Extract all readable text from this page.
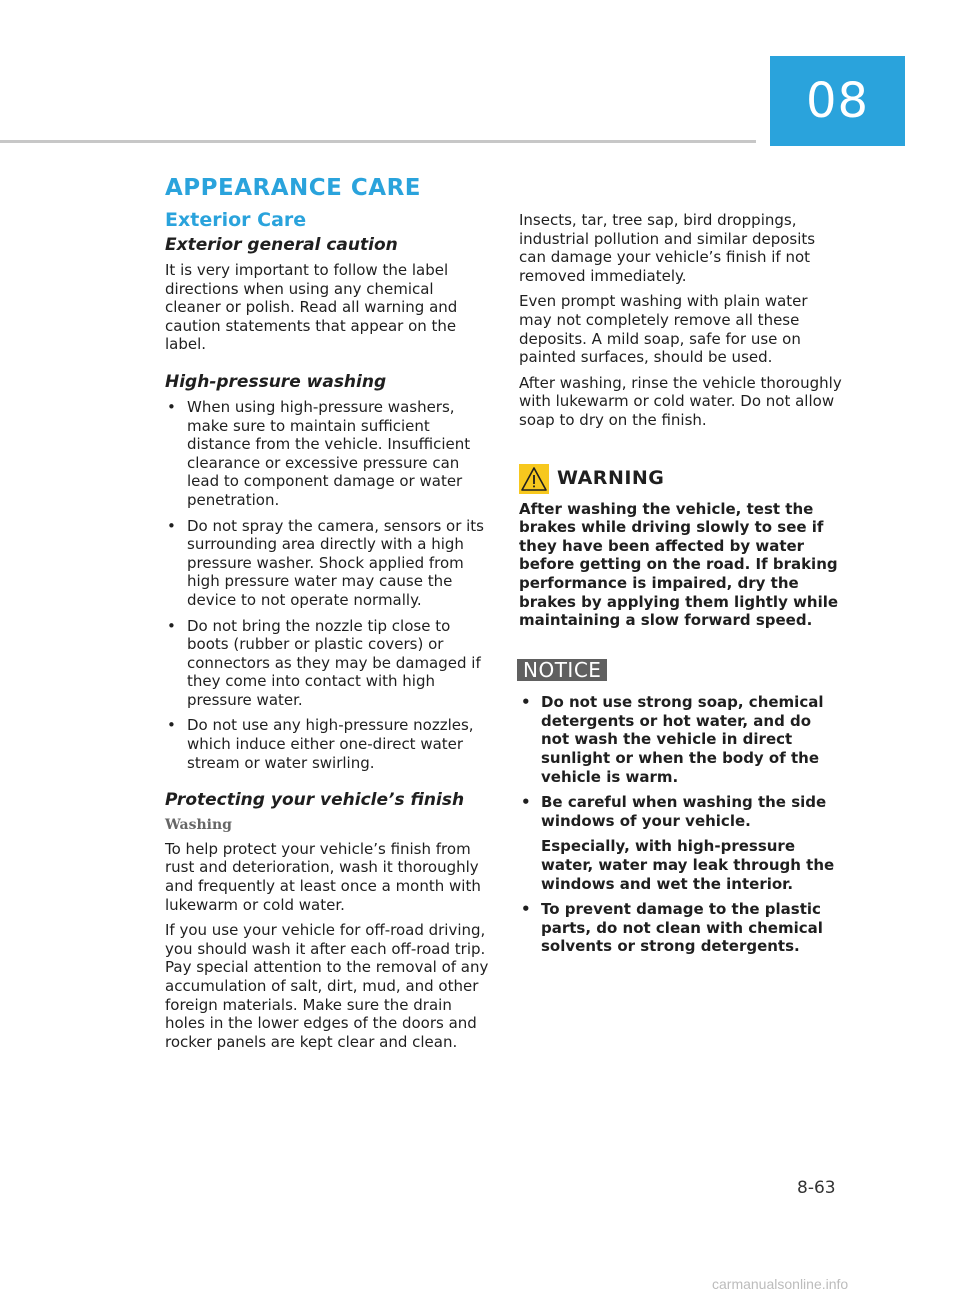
08
APPEARANCE CARE
Exterior Care
Exterior general caution

It is very important to follow the label directions when using any chemical cleaner or polish. Read all warning and caution statements that appear on the label.

High-pressure washing
• When using high-pressure washers, make sure to maintain sufficient distance from the vehicle. Insufficient clearance or excessive pressure can lead to component damage or water penetration.
• Do not spray the camera, sensors or its surrounding area directly with a high pressure washer. Shock applied from high pressure water may cause the device to not operate normally.
• Do not bring the nozzle tip close to boots (rubber or plastic covers) or connectors as they may be damaged if they come into contact with high pressure water.
• Do not use any high-pressure nozzles, which induce either one-direct water stream or water swirling.
Protecting your vehicle’s finish
Washing

To help protect your vehicle’s finish from rust and deterioration, wash it thoroughly and frequently at least once a month with lukewarm or cold water.

If you use your vehicle for off-road driving, you should wash it after each off-road trip. Pay special attention to the removal of any accumulation of salt, dirt, mud, and other foreign materials. Make sure the drain holes in the lower edges of the doors and rocker panels are kept clear and clean.

Insects, tar, tree sap, bird droppings, industrial pollution and similar deposits can damage your vehicle’s finish if not removed immediately.

Even prompt washing with plain water may not completely remove all these deposits. A mild soap, safe for use on painted surfaces, should be used.

After washing, rinse the vehicle thoroughly with lukewarm or cold water. Do not allow soap to dry on the finish.

WARNING

After washing the vehicle, test the brakes while driving slowly to see if they have been affected by water before getting on the road. If braking performance is impaired, dry the brakes by applying them lightly while maintaining a slow forward speed.

NOTICE
• Do not use strong soap, chemical detergents or hot water, and do not wash the vehicle in direct sunlight or when the body of the vehicle is warm.

• Be careful when washing the side windows of your vehicle.

Especially, with high-pressure water, water may leak through the windows and wet the interior.

• To prevent damage to the plastic parts, do not clean with chemical solvents or strong detergents.

8-63
carmanualsonline.info
